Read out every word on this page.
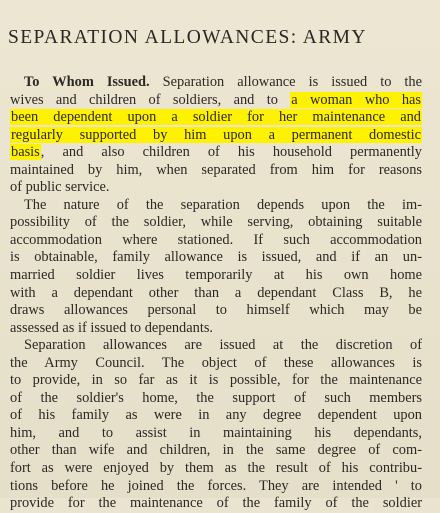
SEPARATION ALLOWANCES: ARMY
To Whom Issued. Separation allowance is issued to the
wives and children of soldiers, and to a woman who has
been dependent upon a soldier for her maintenance and
regularly supported by him upon a permanent domestic
basis, and also children of his household permanently
maintained by him, when separated from him for reasons
of public service.
The nature of the separation depends upon the im-
possibility of the soldier, while serving, obtaining suitable
accommodation where stationed. If such accommodation
is obtainable, family allowance is issued, and if an un-
married soldier lives temporarily at his own home
with a dependant other than a dependant Class B, he
draws allowances personal to himself which may be
assessed as if issued to dependants.
Separation allowances are issued at the discretion of
the Army Council. The object of these allowances is
to provide, in so far as it is possible, for the maintenance
of the soldier's home, the support of such members
of his family as were in any degree dependent upon
him, and to assist in maintaining his dependants,
other than wife and children, in the same degree of com-
fort as were enjoyed by them as the result of his contribu-
tions before he joined the forces. They are intended ' to
provide for the maintenance of the family of the soldier
